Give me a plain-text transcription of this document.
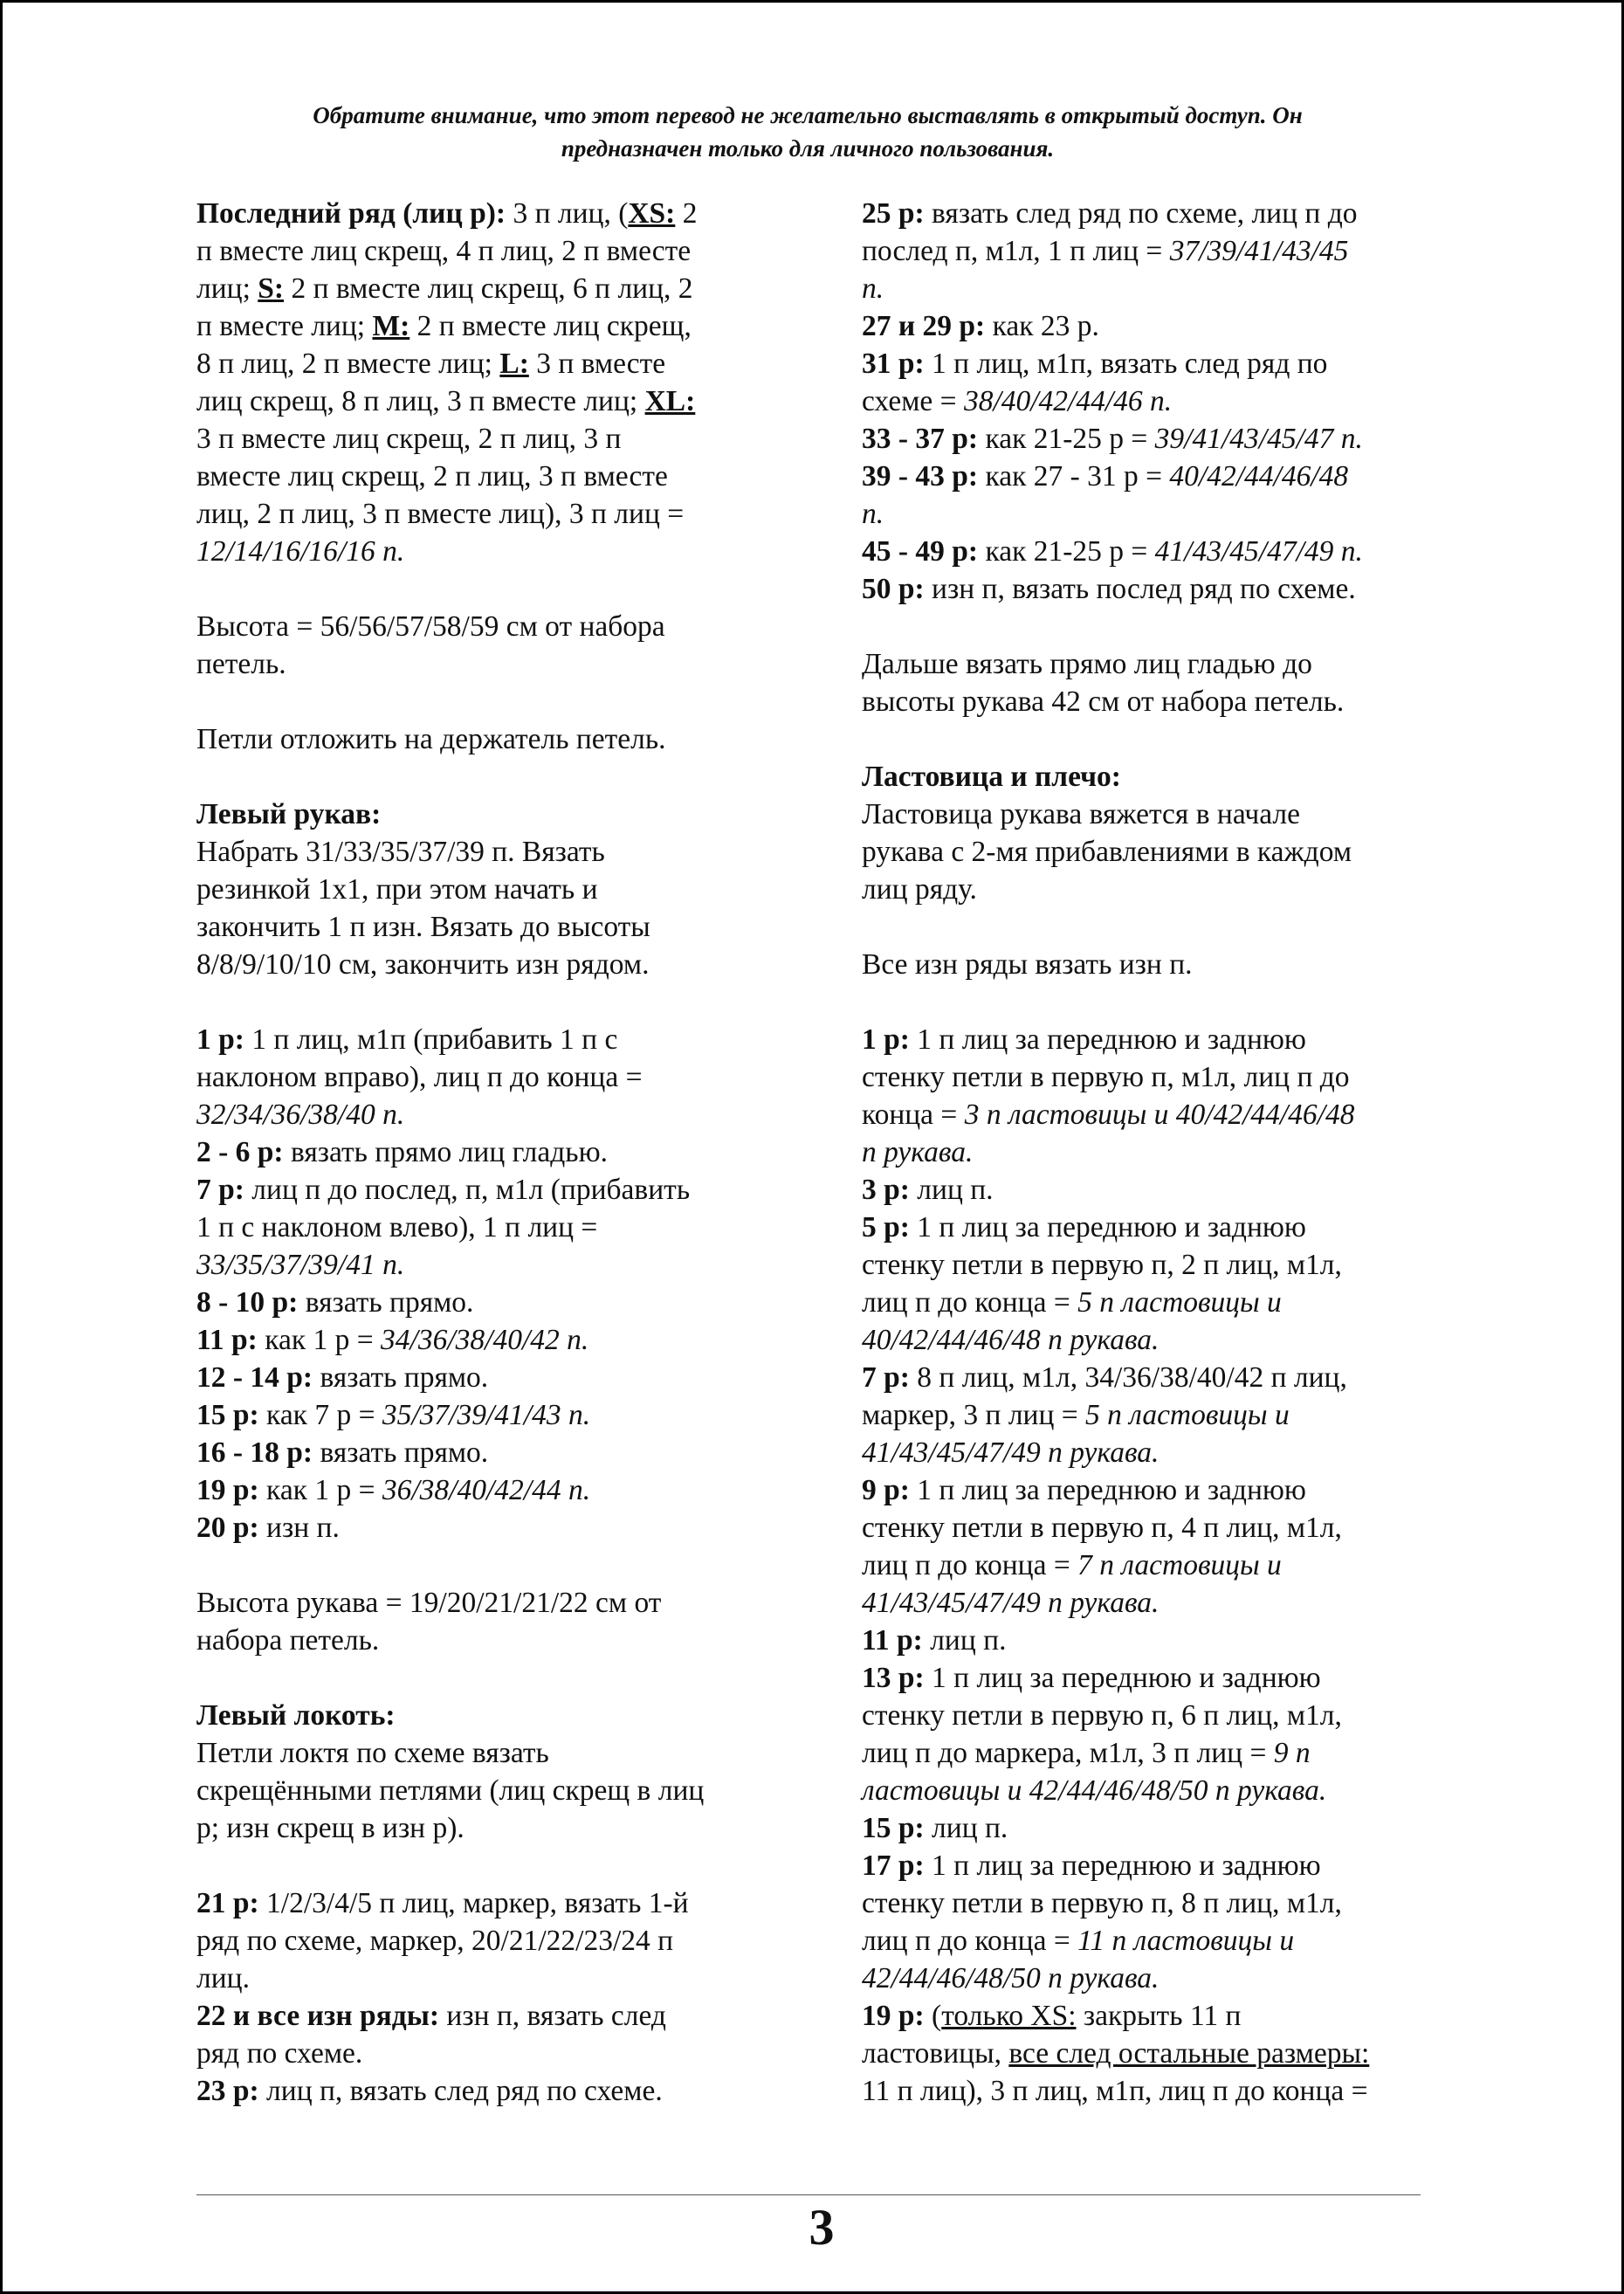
Обратите внимание, что этот перевод не желательно выставлять в открытый доступ. Он
предназначен только для личного пользования.
Последний ряд (лиц р): 3 п лиц, (XS: 2
п вместе лиц скрещ, 4 п лиц, 2 п вместе
лиц; S: 2 п вместе лиц скрещ, 6 п лиц, 2
п вместе лиц; M: 2 п вместе лиц скрещ,
8 п лиц, 2 п вместе лиц; L: 3 п вместе
лиц скрещ, 8 п лиц, 3 п вместе лиц; XL:
3 п вместе лиц скрещ, 2 п лиц, 3 п
вместе лиц скрещ, 2 п лиц, 3 п вместе
лиц, 2 п лиц, 3 п вместе лиц), 3 п лиц =
12/14/16/16/16 п.
Высота = 56/56/57/58/59 см от набора
петель.
Петли отложить на держатель петель.
Левый рукав:
Набрать 31/33/35/37/39 п. Вязать
резинкой 1x1, при этом начать и
закончить 1 п изн. Вязать до высоты
8/8/9/10/10 см, закончить изн рядом.
1 р: 1 п лиц, м1п (прибавить 1 п с
наклоном вправо), лиц п до конца =
32/34/36/38/40 п.
2 - 6 р: вязать прямо лиц гладью.
7 р: лиц п до послед, п, м1л (прибавить
1 п с наклоном влево), 1 п лиц =
33/35/37/39/41 п.
8 - 10 р: вязать прямо.
11 р: как 1 р = 34/36/38/40/42 п.
12 - 14 р: вязать прямо.
15 р: как 7 р = 35/37/39/41/43 п.
16 - 18 р: вязать прямо.
19 р: как 1 р = 36/38/40/42/44 п.
20 р: изн п.
Высота рукава = 19/20/21/21/22 см от
набора петель.
Левый локоть:
Петли локтя по схеме вязать
скрещёнными петлями (лиц скрещ в лиц
р; изн скрещ в изн р).
21 р: 1/2/3/4/5 п лиц, маркер, вязать 1-й
ряд по схеме, маркер, 20/21/22/23/24 п
лиц.
22 и все изн ряды: изн п, вязать след
ряд по схеме.
23 р: лиц п, вязать след ряд по схеме.
25 р: вязать след ряд по схеме, лиц п до
послед п, м1л, 1 п лиц = 37/39/41/43/45
п.
27 и 29 р: как 23 р.
31 р: 1 п лиц, м1п, вязать след ряд по
схеме = 38/40/42/44/46 п.
33 - 37 р: как 21-25 р = 39/41/43/45/47 п.
39 - 43 р: как 27 - 31 р = 40/42/44/46/48
п.
45 - 49 р: как 21-25 р = 41/43/45/47/49 п.
50 р: изн п, вязать послед ряд по схеме.
Дальше вязать прямо лиц гладью до
высоты рукава 42 см от набора петель.
Ластовица и плечо:
Ластовица рукава вяжется в начале
рукава с 2-мя прибавлениями в каждом
лиц ряду.
Все изн ряды вязать изн п.
1 р: 1 п лиц за переднюю и заднюю
стенку петли в первую п, м1л, лиц п до
конца = 3 п ластовицы и 40/42/44/46/48
п рукава.
3 р: лиц п.
5 р: 1 п лиц за переднюю и заднюю
стенку петли в первую п, 2 п лиц, м1л,
лиц п до конца = 5 п ластовицы и
40/42/44/46/48 п рукава.
7 р: 8 п лиц, м1л, 34/36/38/40/42 п лиц,
маркер, 3 п лиц = 5 п ластовицы и
41/43/45/47/49 п рукава.
9 р: 1 п лиц за переднюю и заднюю
стенку петли в первую п, 4 п лиц, м1л,
лиц п до конца = 7 п ластовицы и
41/43/45/47/49 п рукава.
11 р: лиц п.
13 р: 1 п лиц за переднюю и заднюю
стенку петли в первую п, 6 п лиц, м1л,
лиц п до маркера, м1л, 3 п лиц = 9 п
ластовицы и 42/44/46/48/50 п рукава.
15 р: лиц п.
17 р: 1 п лиц за переднюю и заднюю
стенку петли в первую п, 8 п лиц, м1л,
лиц п до конца = 11 п ластовицы и
42/44/46/48/50 п рукава.
19 р: (только XS: закрыть 11 п
ластовицы, все след остальные размеры:
11 п лиц), 3 п лиц, м1п, лиц п до конца =
3
